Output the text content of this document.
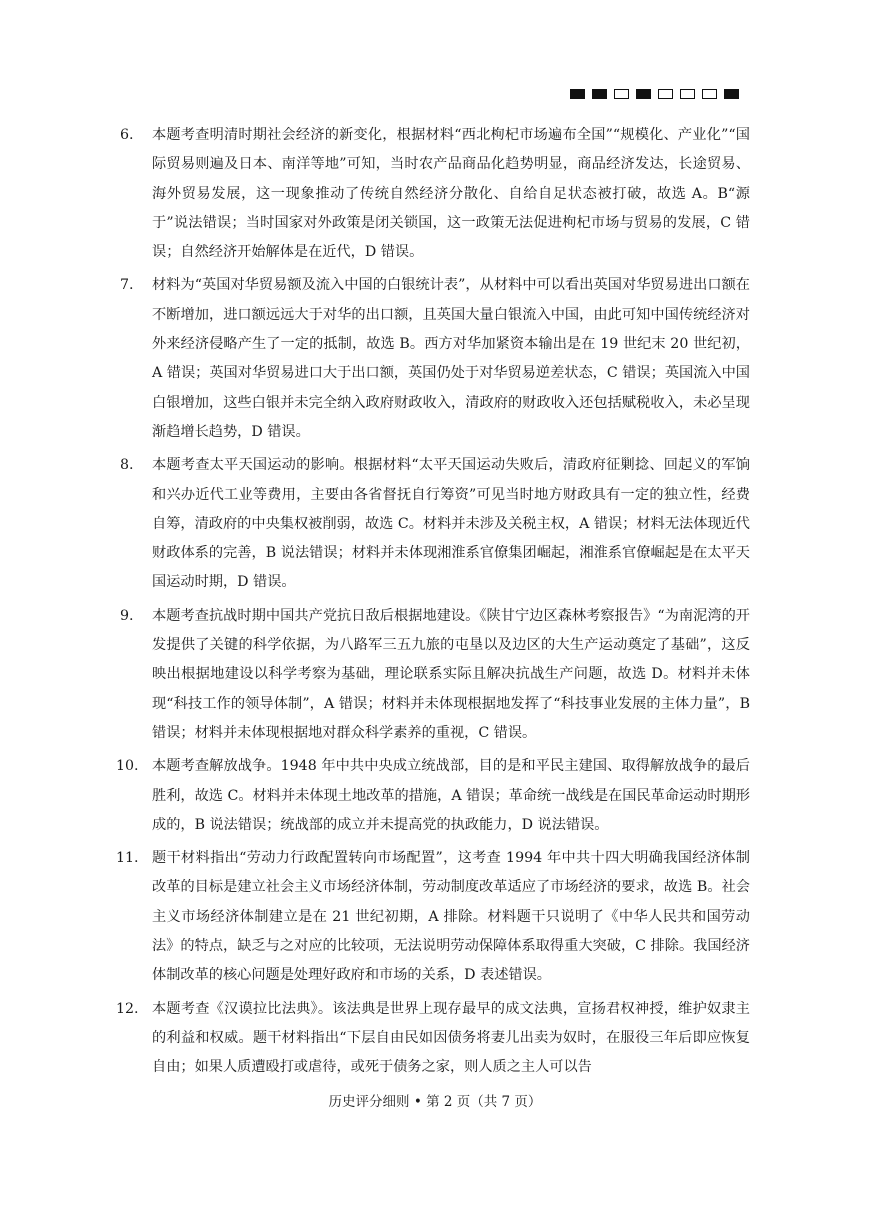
6. 本题考查明清时期社会经济的新变化，根据材料“西北枸杞市场遍布全国”“规模化、产业化”“国际贸易则遍及日本、南洋等地”可知，当时农产品商品化趋势明显，商品经济发达，长途贸易、海外贸易发展，这一现象推动了传统自然经济分散化、自给自足状态被打破，故选 A。B“源于”说法错误；当时国家对外政策是闭关锁国，这一政策无法促进枸杞市场与贸易的发展，C 错误；自然经济开始解体是在近代，D 错误。
7. 材料为“英国对华贸易额及流入中国的白银统计表”，从材料中可以看出英国对华贸易进出口额在不断增加，进口额远远大于对华的出口额，且英国大量白银流入中国，由此可知中国传统经济对外来经济侵略产生了一定的抵制，故选 B。西方对华加紧资本输出是在 19 世纪末 20 世纪初，A 错误；英国对华贸易进口大于出口额，英国仍处于对华贸易逆差状态，C 错误；英国流入中国白银增加，这些白银并未完全纳入政府财政收入，清政府的财政收入还包括赋税收入，未必呈现渐趋增长趋势，D 错误。
8. 本题考查太平天国运动的影响。根据材料“太平天国运动失败后，清政府征剿捻、回起义的军饷和兴办近代工业等费用，主要由各省督抚自行筹资”可见当时地方财政具有一定的独立性，经费自筹，清政府的中央集权被削弱，故选 C。材料并未涉及关税主权，A 错误；材料无法体现近代财政体系的完善，B 说法错误；材料并未体现湘淮系官僚集团崛起，湘淮系官僚崛起是在太平天国运动时期，D 错误。
9. 本题考查抗战时期中国共产党抗日敌后根据地建设。《陕甘宁边区森林考察报告》“为南泥湾的开发提供了关键的科学依据，为八路军三五九旅的屯垦以及边区的大生产运动奠定了基础”，这反映出根据地建设以科学考察为基础，理论联系实际且解决抗战生产问题，故选 D。材料并未体现“科技工作的领导体制”，A 错误；材料并未体现根据地发挥了“科技事业发展的主体力量”，B 错误；材料并未体现根据地对群众科学素养的重视，C 错误。
10. 本题考查解放战争。1948 年中共中央成立统战部，目的是和平民主建国、取得解放战争的最后胜利，故选 C。材料并未体现土地改革的措施，A 错误；革命统一战线是在国民革命运动时期形成的，B 说法错误；统战部的成立并未提高党的执政能力，D 说法错误。
11. 题干材料指出“劳动力行政配置转向市场配置”，这考查 1994 年中共十四大明确我国经济体制改革的目标是建立社会主义市场经济体制，劳动制度改革适应了市场经济的要求，故选 B。社会主义市场经济体制建立是在 21 世纪初期，A 排除。材料题干只说明了《中华人民共和国劳动法》的特点，缺乏与之对应的比较项，无法说明劳动保障体系取得重大突破，C 排除。我国经济体制改革的核心问题是处理好政府和市场的关系，D 表述错误。
12. 本题考查《汉谟拉比法典》。该法典是世界上现存最早的成文法典，宣扬君权神授，维护奴隶主的利益和权威。题干材料指出“下层自由民如因债务将妻儿出卖为奴时，在服役三年后即应恢复自由；如果人质遭殴打或虐待，或死于债务之家，则人质之主人可以告
历史评分细则 • 第 2 页（共 7 页）
